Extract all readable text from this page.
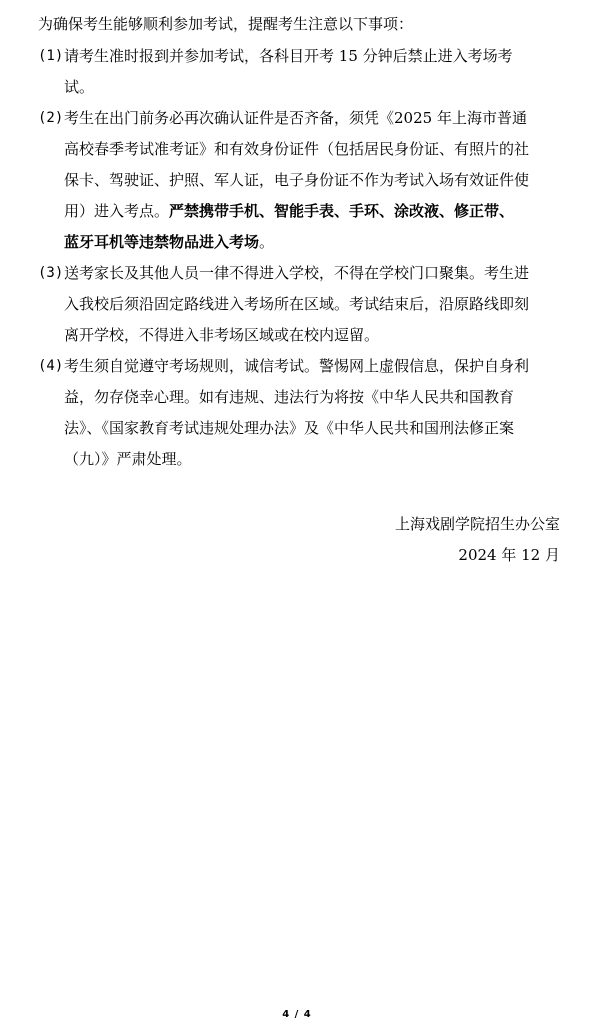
为确保考生能够顺利参加考试，提醒考生注意以下事项：
(1) 请考生准时报到并参加考试，各科目开考 15 分钟后禁止进入考场考
试。
(2) 考生在出门前务必再次确认证件是否齐备，须凭《2025 年上海市普通
高校春季考试准考证》和有效身份证件（包括居民身份证、有照片的社
保卡、驾驶证、护照、军人证，电子身份证不作为考试入场有效证件使
用）进入考点。严禁携带手机、智能手表、手环、涂改液、修正带、
蓝牙耳机等违禁物品进入考场。
(3) 送考家长及其他人员一律不得进入学校，不得在学校门口聚集。考生进
入我校后须沿固定路线进入考场所在区域。考试结束后，沿原路线即刻
离开学校，不得进入非考场区域或在校内逗留。
(4) 考生须自觉遵守考场规则，诚信考试。警惕网上虚假信息，保护自身利
益，勿存侥幸心理。如有违规、违法行为将按《中华人民共和国教育
法》、《国家教育考试违规处理办法》及《中华人民共和国刑法修正案
（九）》严肃处理。
上海戏剧学院招生办公室
2024 年 12 月
4 / 4
